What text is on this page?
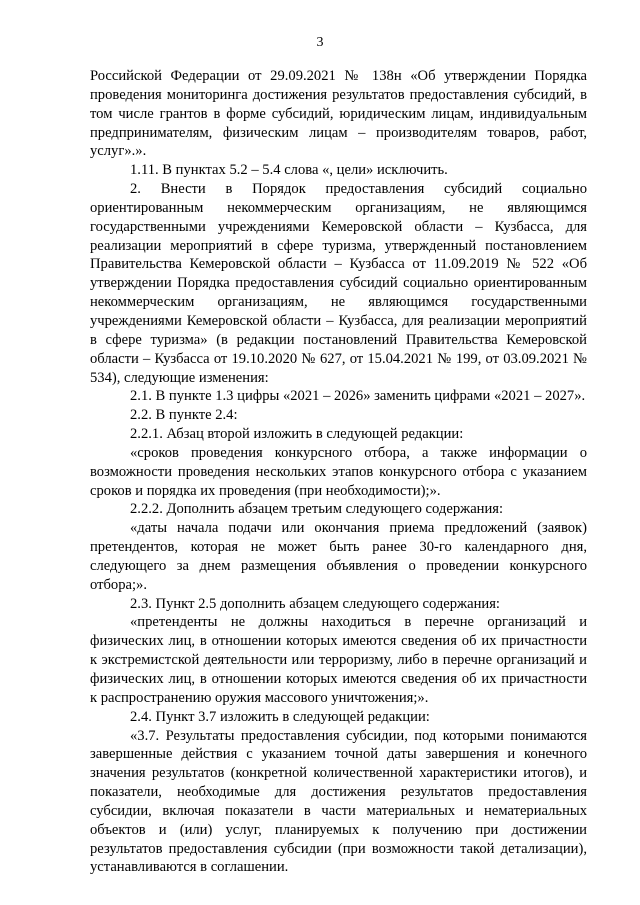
3

Российской Федерации от 29.09.2021 № 138н «Об утверждении Порядка проведения мониторинга достижения результатов предоставления субсидий, в том числе грантов в форме субсидий, юридическим лицам, индивидуальным предпринимателям, физическим лицам – производителям товаров, работ, услуг».».

1.11. В пунктах 5.2 – 5.4 слова «, цели» исключить.

2. Внести в Порядок предоставления субсидий социально ориентированным некоммерческим организациям, не являющимся государственными учреждениями Кемеровской области – Кузбасса, для реализации мероприятий в сфере туризма, утвержденный постановлением Правительства Кемеровской области – Кузбасса от 11.09.2019 № 522 «Об утверждении Порядка предоставления субсидий социально ориентированным некоммерческим организациям, не являющимся государственными учреждениями Кемеровской области – Кузбасса, для реализации мероприятий в сфере туризма» (в редакции постановлений Правительства Кемеровской области – Кузбасса от 19.10.2020 № 627, от 15.04.2021 № 199, от 03.09.2021 № 534), следующие изменения:

2.1. В пункте 1.3 цифры «2021 – 2026» заменить цифрами «2021 – 2027».

2.2. В пункте 2.4:

2.2.1. Абзац второй изложить в следующей редакции:

«сроков проведения конкурсного отбора, а также информации о возможности проведения нескольких этапов конкурсного отбора с указанием сроков и порядка их проведения (при необходимости);».

2.2.2. Дополнить абзацем третьим следующего содержания:

«даты начала подачи или окончания приема предложений (заявок) претендентов, которая не может быть ранее 30-го календарного дня, следующего за днем размещения объявления о проведении конкурсного отбора;».

2.3. Пункт 2.5 дополнить абзацем следующего содержания:

«претенденты не должны находиться в перечне организаций и физических лиц, в отношении которых имеются сведения об их причастности к экстремистской деятельности или терроризму, либо в перечне организаций и физических лиц, в отношении которых имеются сведения об их причастности к распространению оружия массового уничтожения;».

2.4. Пункт 3.7 изложить в следующей редакции:

«3.7. Результаты предоставления субсидии, под которыми понимаются завершенные действия с указанием точной даты завершения и конечного значения результатов (конкретной количественной характеристики итогов), и показатели, необходимые для достижения результатов предоставления субсидии, включая показатели в части материальных и нематериальных объектов и (или) услуг, планируемых к получению при достижении результатов предоставления субсидии (при возможности такой детализации), устанавливаются в соглашении.
